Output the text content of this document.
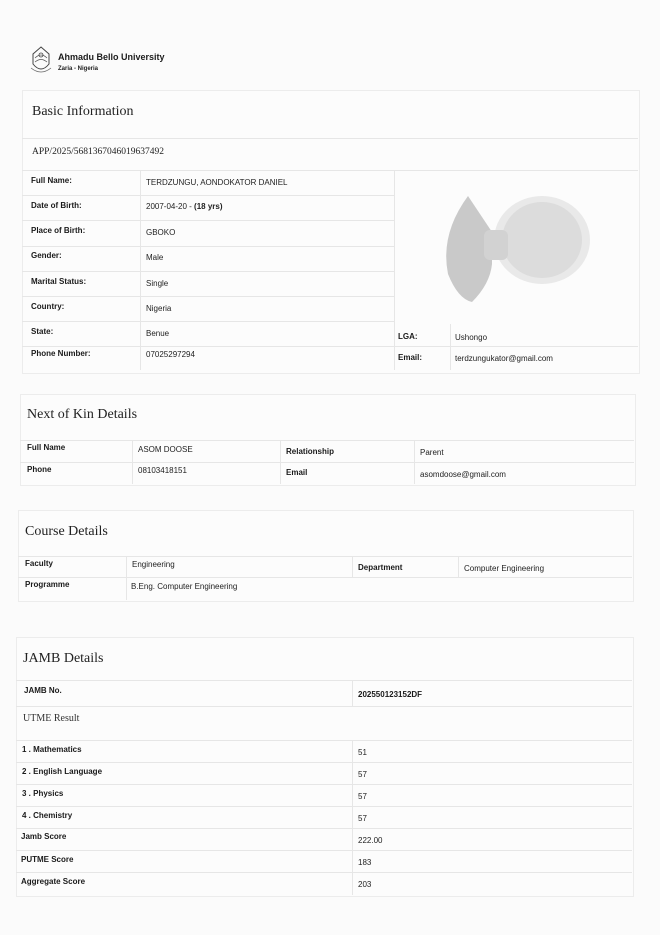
Ahmadu Bello University
Zaria - Nigeria
Basic Information
APP/2025/5681367046019637492
Full Name:	TERDZUNGU, AONDOKATOR DANIEL
Date of Birth:	2007-04-20 - (18 yrs)
Place of Birth:	GBOKO
Gender:	Male
Marital Status:	Single
Country:	Nigeria
State:	Benue	LGA:	Ushongo
Phone Number:	07025297294	Email:	terdzungukator@gmail.com
Next of Kin Details
Full Name	ASOM DOOSE	Relationship	Parent
Phone	08103418151	Email	asomdoose@gmail.com
Course Details
Faculty	Engineering	Department	Computer Engineering
Programme	B.Eng. Computer Engineering
JAMB Details
JAMB No.	202550123152DF
UTME Result
1 . Mathematics	51
2 . English Language	57
3 . Physics	57
4 . Chemistry	57
Jamb Score	222.00
PUTME Score	183
Aggregate Score	203
